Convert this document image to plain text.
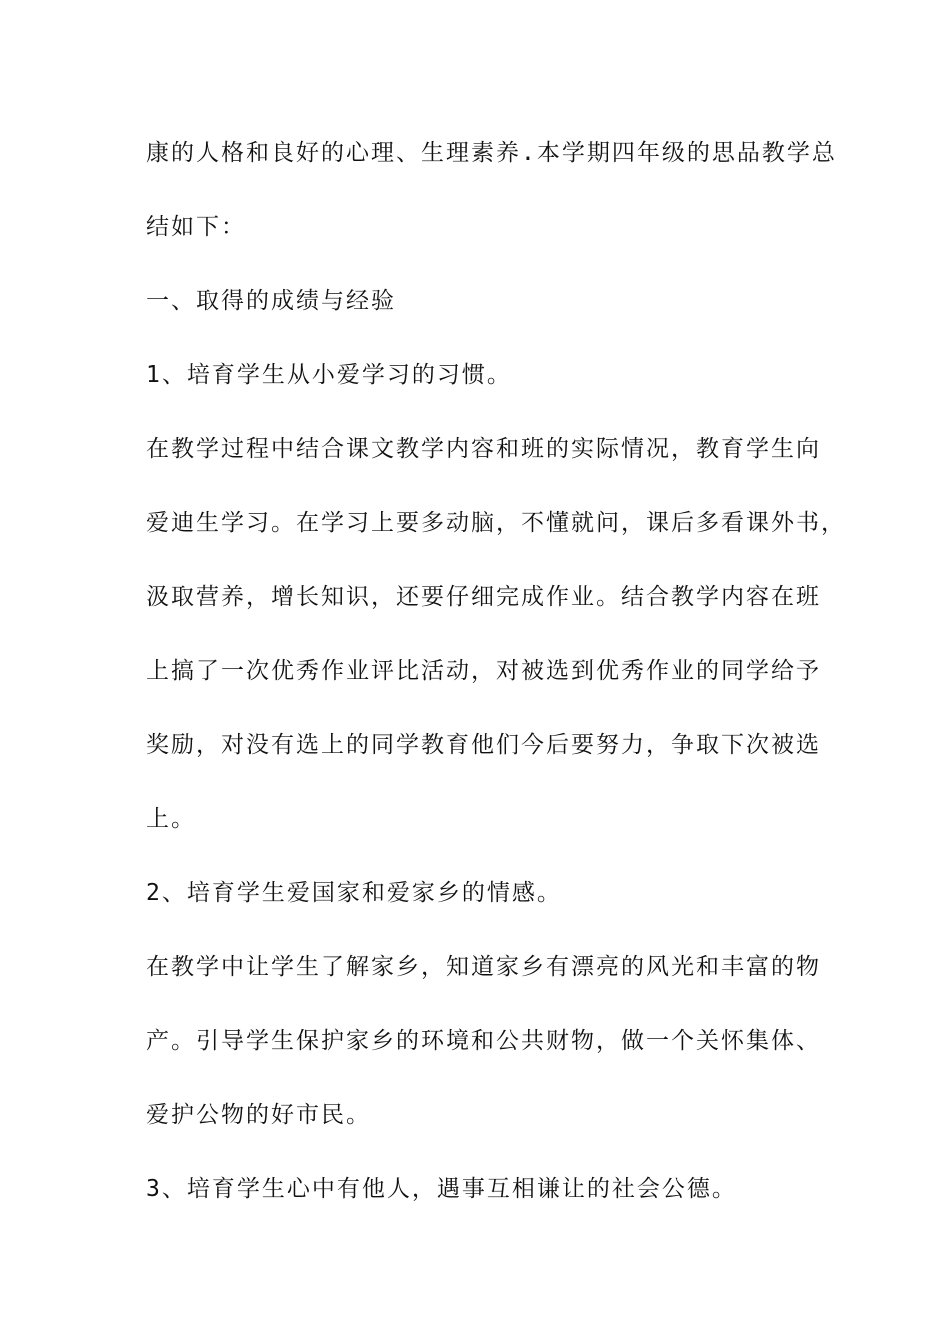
康的人格和良好的心理、生理素养.本学期四年级的思品教学总
结如下：
一、取得的成绩与经验
1、培育学生从小爱学习的习惯。
在教学过程中结合课文教学内容和班的实际情况，教育学生向
爱迪生学习。在学习上要多动脑，不懂就问，课后多看课外书，
汲取营养，增长知识，还要仔细完成作业。结合教学内容在班
上搞了一次优秀作业评比活动，对被选到优秀作业的同学给予
奖励，对没有选上的同学教育他们今后要努力，争取下次被选
上。
2、培育学生爱国家和爱家乡的情感。
在教学中让学生了解家乡，知道家乡有漂亮的风光和丰富的物
产。引导学生保护家乡的环境和公共财物，做一个关怀集体、
爱护公物的好市民。
3、培育学生心中有他人，遇事互相谦让的社会公德。
